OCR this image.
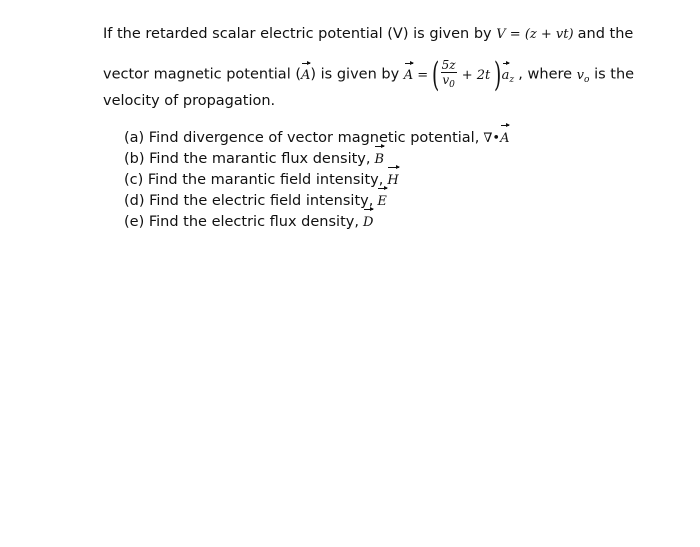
If the retarded scalar electric potential (V) is given by V = (z + vt) and the
vector magnetic potential (A) is given by A = ( $\frac{5z}{v_0} + 2t$ )$a_z$ , where $v_o$ is the
velocity of propagation.
(a) Find divergence of vector magnetic potential, ∇•A
(b) Find the marantic flux density, B
(c) Find the marantic field intensity, H
(d) Find the electric field intensity, E
(e) Find the electric flux density, D
